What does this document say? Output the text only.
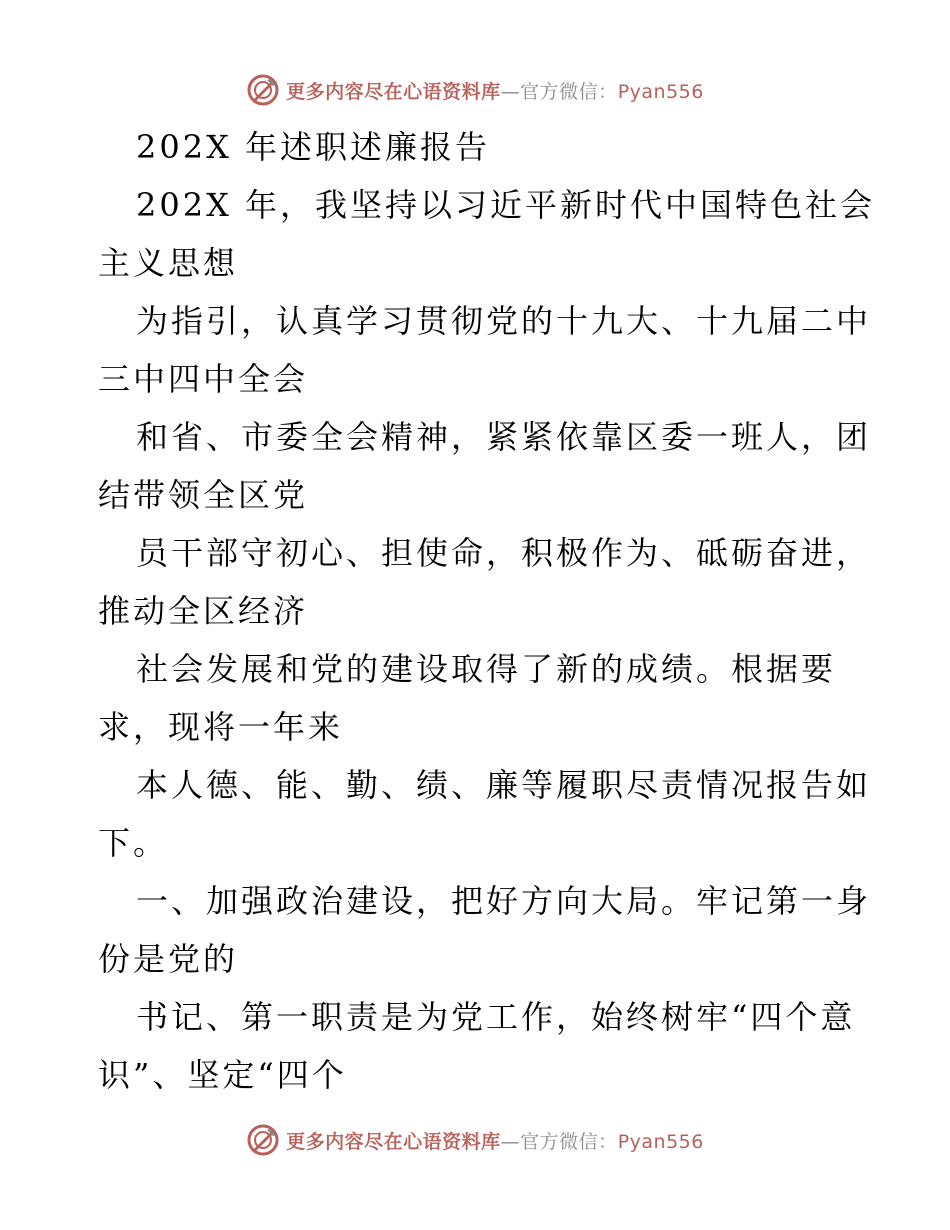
更多内容尽在心语资料库—官方微信：Pyan556
202X 年述职述廉报告
202X 年，我坚持以习近平新时代中国特色社会
主义思想
为指引，认真学习贯彻党的十九大、十九届二中
三中四中全会
和省、市委全会精神，紧紧依靠区委一班人，团
结带领全区党
员干部守初心、担使命，积极作为、砥砺奋进，
推动全区经济
社会发展和党的建设取得了新的成绩。根据要
求，现将一年来
本人德、能、勤、绩、廉等履职尽责情况报告如
下。
一、加强政治建设，把好方向大局。牢记第一身
份是党的
书记、第一职责是为党工作，始终树牢“四个意
识”、坚定“四个
更多内容尽在心语资料库—官方微信：Pyan556
